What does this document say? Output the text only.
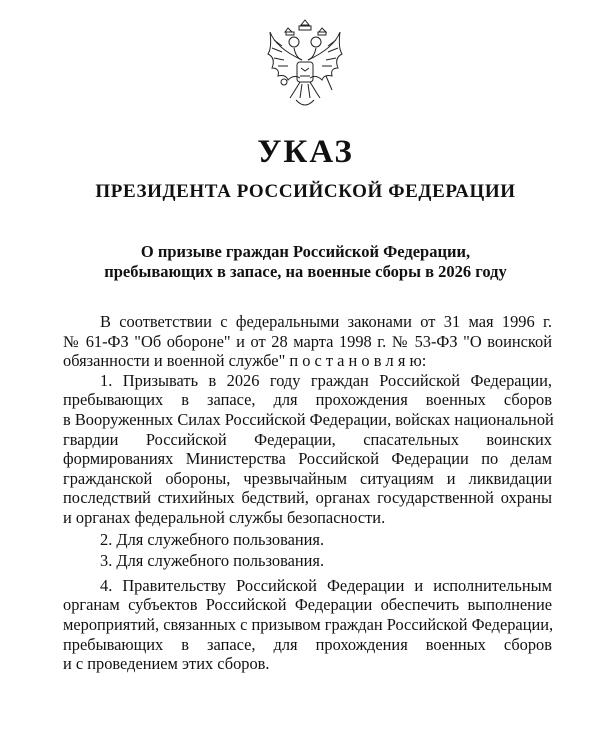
УКАЗ
ПРЕЗИДЕНТА РОССИЙСКОЙ ФЕДЕРАЦИИ
О призыве граждан Российской Федерации,
пребывающих в запасе, на военные сборы в 2026 году
В соответствии с федеральными законами от 31 мая 1996 г.
№ 61-ФЗ "Об обороне" и от 28 марта 1998 г. № 53-ФЗ "О воинской
обязанности и военной службе" п о с т а н о в л я ю:
1. Призывать в 2026 году граждан Российской Федерации,
пребывающих в запасе, для прохождения военных сборов
в Вооруженных Силах Российской Федерации, войсках национальной
гвардии Российской Федерации, спасательных воинских
формированиях Министерства Российской Федерации по делам
гражданской обороны, чрезвычайным ситуациям и ликвидации
последствий стихийных бедствий, органах государственной охраны
и органах федеральной службы безопасности.
2. Для служебного пользования.
3. Для служебного пользования.
4. Правительству Российской Федерации и исполнительным
органам субъектов Российской Федерации обеспечить выполнение
мероприятий, связанных с призывом граждан Российской Федерации,
пребывающих в запасе, для прохождения военных сборов
и с проведением этих сборов.
